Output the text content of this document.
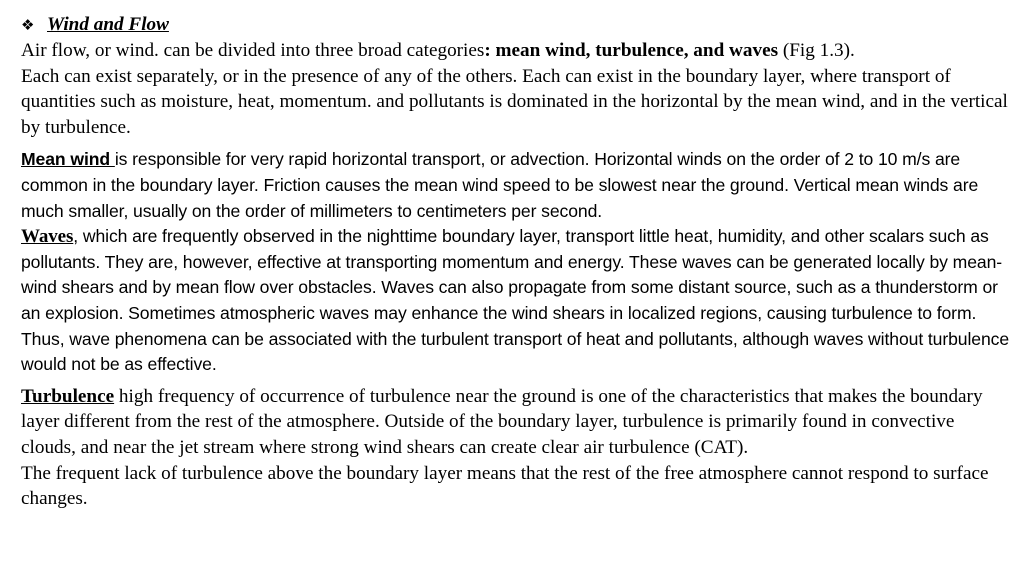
❖ Wind and Flow

Air flow, or wind. can be divided into three broad categories: mean wind, turbulence, and waves (Fig 1.3).
Each can exist separately, or in the presence of any of the others. Each can exist in the boundary layer, where transport of quantities such as moisture, heat, momentum. and pollutants is dominated in the horizontal by the mean wind, and in the vertical by turbulence.

Mean wind is responsible for very rapid horizontal transport, or advection. Horizontal winds on the order of 2 to 10 m/s are common in the boundary layer. Friction causes the mean wind speed to be slowest near the ground. Vertical mean winds are much smaller, usually on the order of millimeters to centimeters per second.
Waves, which are frequently observed in the nighttime boundary layer, transport little heat, humidity, and other scalars such as pollutants. They are, however, effective at transporting momentum and energy. These waves can be generated locally by mean-wind shears and by mean flow over obstacles. Waves can also propagate from some distant source, such as a thunderstorm or an explosion. Sometimes atmospheric waves may enhance the wind shears in localized regions, causing turbulence to form. Thus, wave phenomena can be associated with the turbulent transport of heat and pollutants, although waves without turbulence would not be as effective.

Turbulence high frequency of occurrence of turbulence near the ground is one of the characteristics that makes the boundary layer different from the rest of the atmosphere. Outside of the boundary layer, turbulence is primarily found in convective clouds, and near the jet stream where strong wind shears can create clear air turbulence (CAT).
The frequent lack of turbulence above the boundary layer means that the rest of the free atmosphere cannot respond to surface changes.
